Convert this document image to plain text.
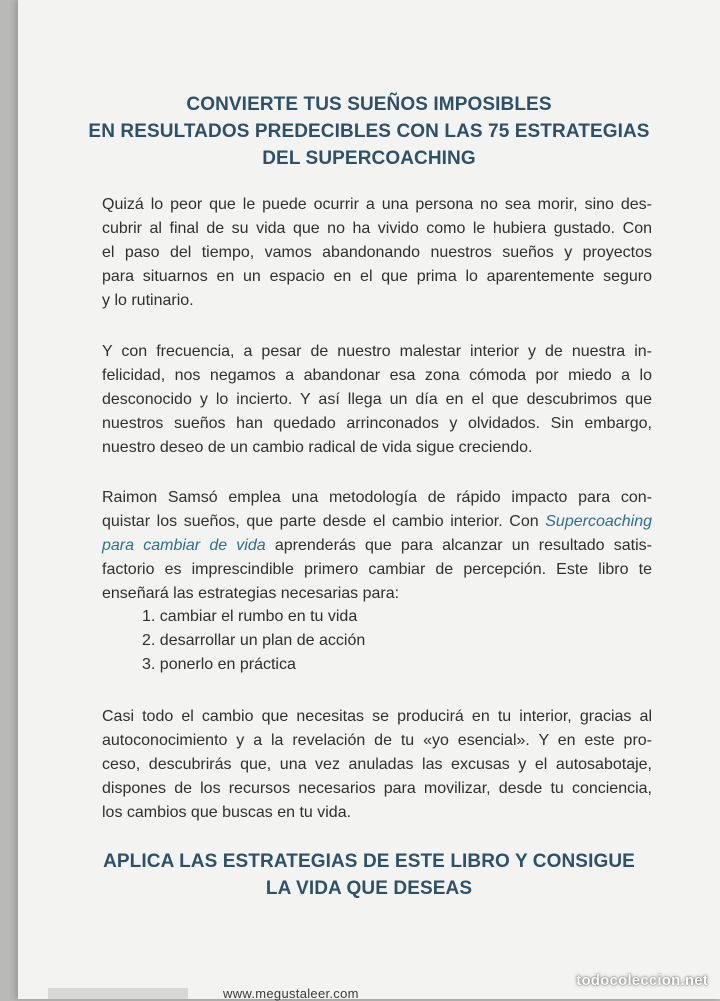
CONVIERTE TUS SUEÑOS IMPOSIBLES
EN RESULTADOS PREDECIBLES CON LAS 75 ESTRATEGIAS
DEL SUPERCOACHING
Quizá lo peor que le puede ocurrir a una persona no sea morir, sino des-
cubrir al final de su vida que no ha vivido como le hubiera gustado. Con
el paso del tiempo, vamos abandonando nuestros sueños y proyectos
para situarnos en un espacio en el que prima lo aparentemente seguro
y lo rutinario.
Y con frecuencia, a pesar de nuestro malestar interior y de nuestra in-
felicidad, nos negamos a abandonar esa zona cómoda por miedo a lo
desconocido y lo incierto. Y así llega un día en el que descubrimos que
nuestros sueños han quedado arrinconados y olvidados. Sin embargo,
nuestro deseo de un cambio radical de vida sigue creciendo.
Raimon Samsó emplea una metodología de rápido impacto para con-
quistar los sueños, que parte desde el cambio interior. Con Supercoaching
para cambiar de vida aprenderás que para alcanzar un resultado satis-
factorio es imprescindible primero cambiar de percepción. Este libro te
enseñará las estrategias necesarias para:
1. cambiar el rumbo en tu vida
2. desarrollar un plan de acción
3. ponerlo en práctica
Casi todo el cambio que necesitas se producirá en tu interior, gracias al
autoconocimiento y a la revelación de tu «yo esencial». Y en este pro-
ceso, descubrirás que, una vez anuladas las excusas y el autosabotaje,
dispones de los recursos necesarios para movilizar, desde tu conciencia,
los cambios que buscas en tu vida.
APLICA LAS ESTRATEGIAS DE ESTE LIBRO Y CONSIGUE
LA VIDA QUE DESEAS
www.megustaleer.com
todocoleccion.net
